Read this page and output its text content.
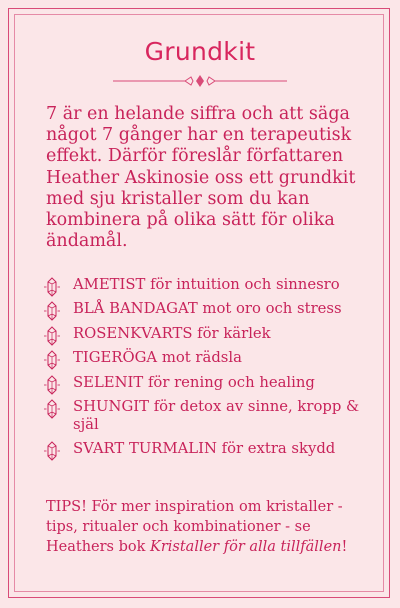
Grundkit
7 är en helande siffra och att säga något 7 gånger har en terapeutisk effekt. Därför föreslår författaren Heather Askinosie oss ett grundkit med sju kristaller som du kan kombinera på olika sätt för olika ändamål.
AMETIST för intuition och sinnesro
BLÅ BANDAGAT mot oro och stress
ROSENKVARTS för kärlek
TIGERÖGA mot rädsla
SELENIT för rening och healing
SHUNGIT för detox av sinne, kropp & själ
SVART TURMALIN för extra skydd
TIPS! För mer inspiration om kristaller - tips, ritualer och kombinationer - se Heathers bok Kristaller för alla tillfällen!
